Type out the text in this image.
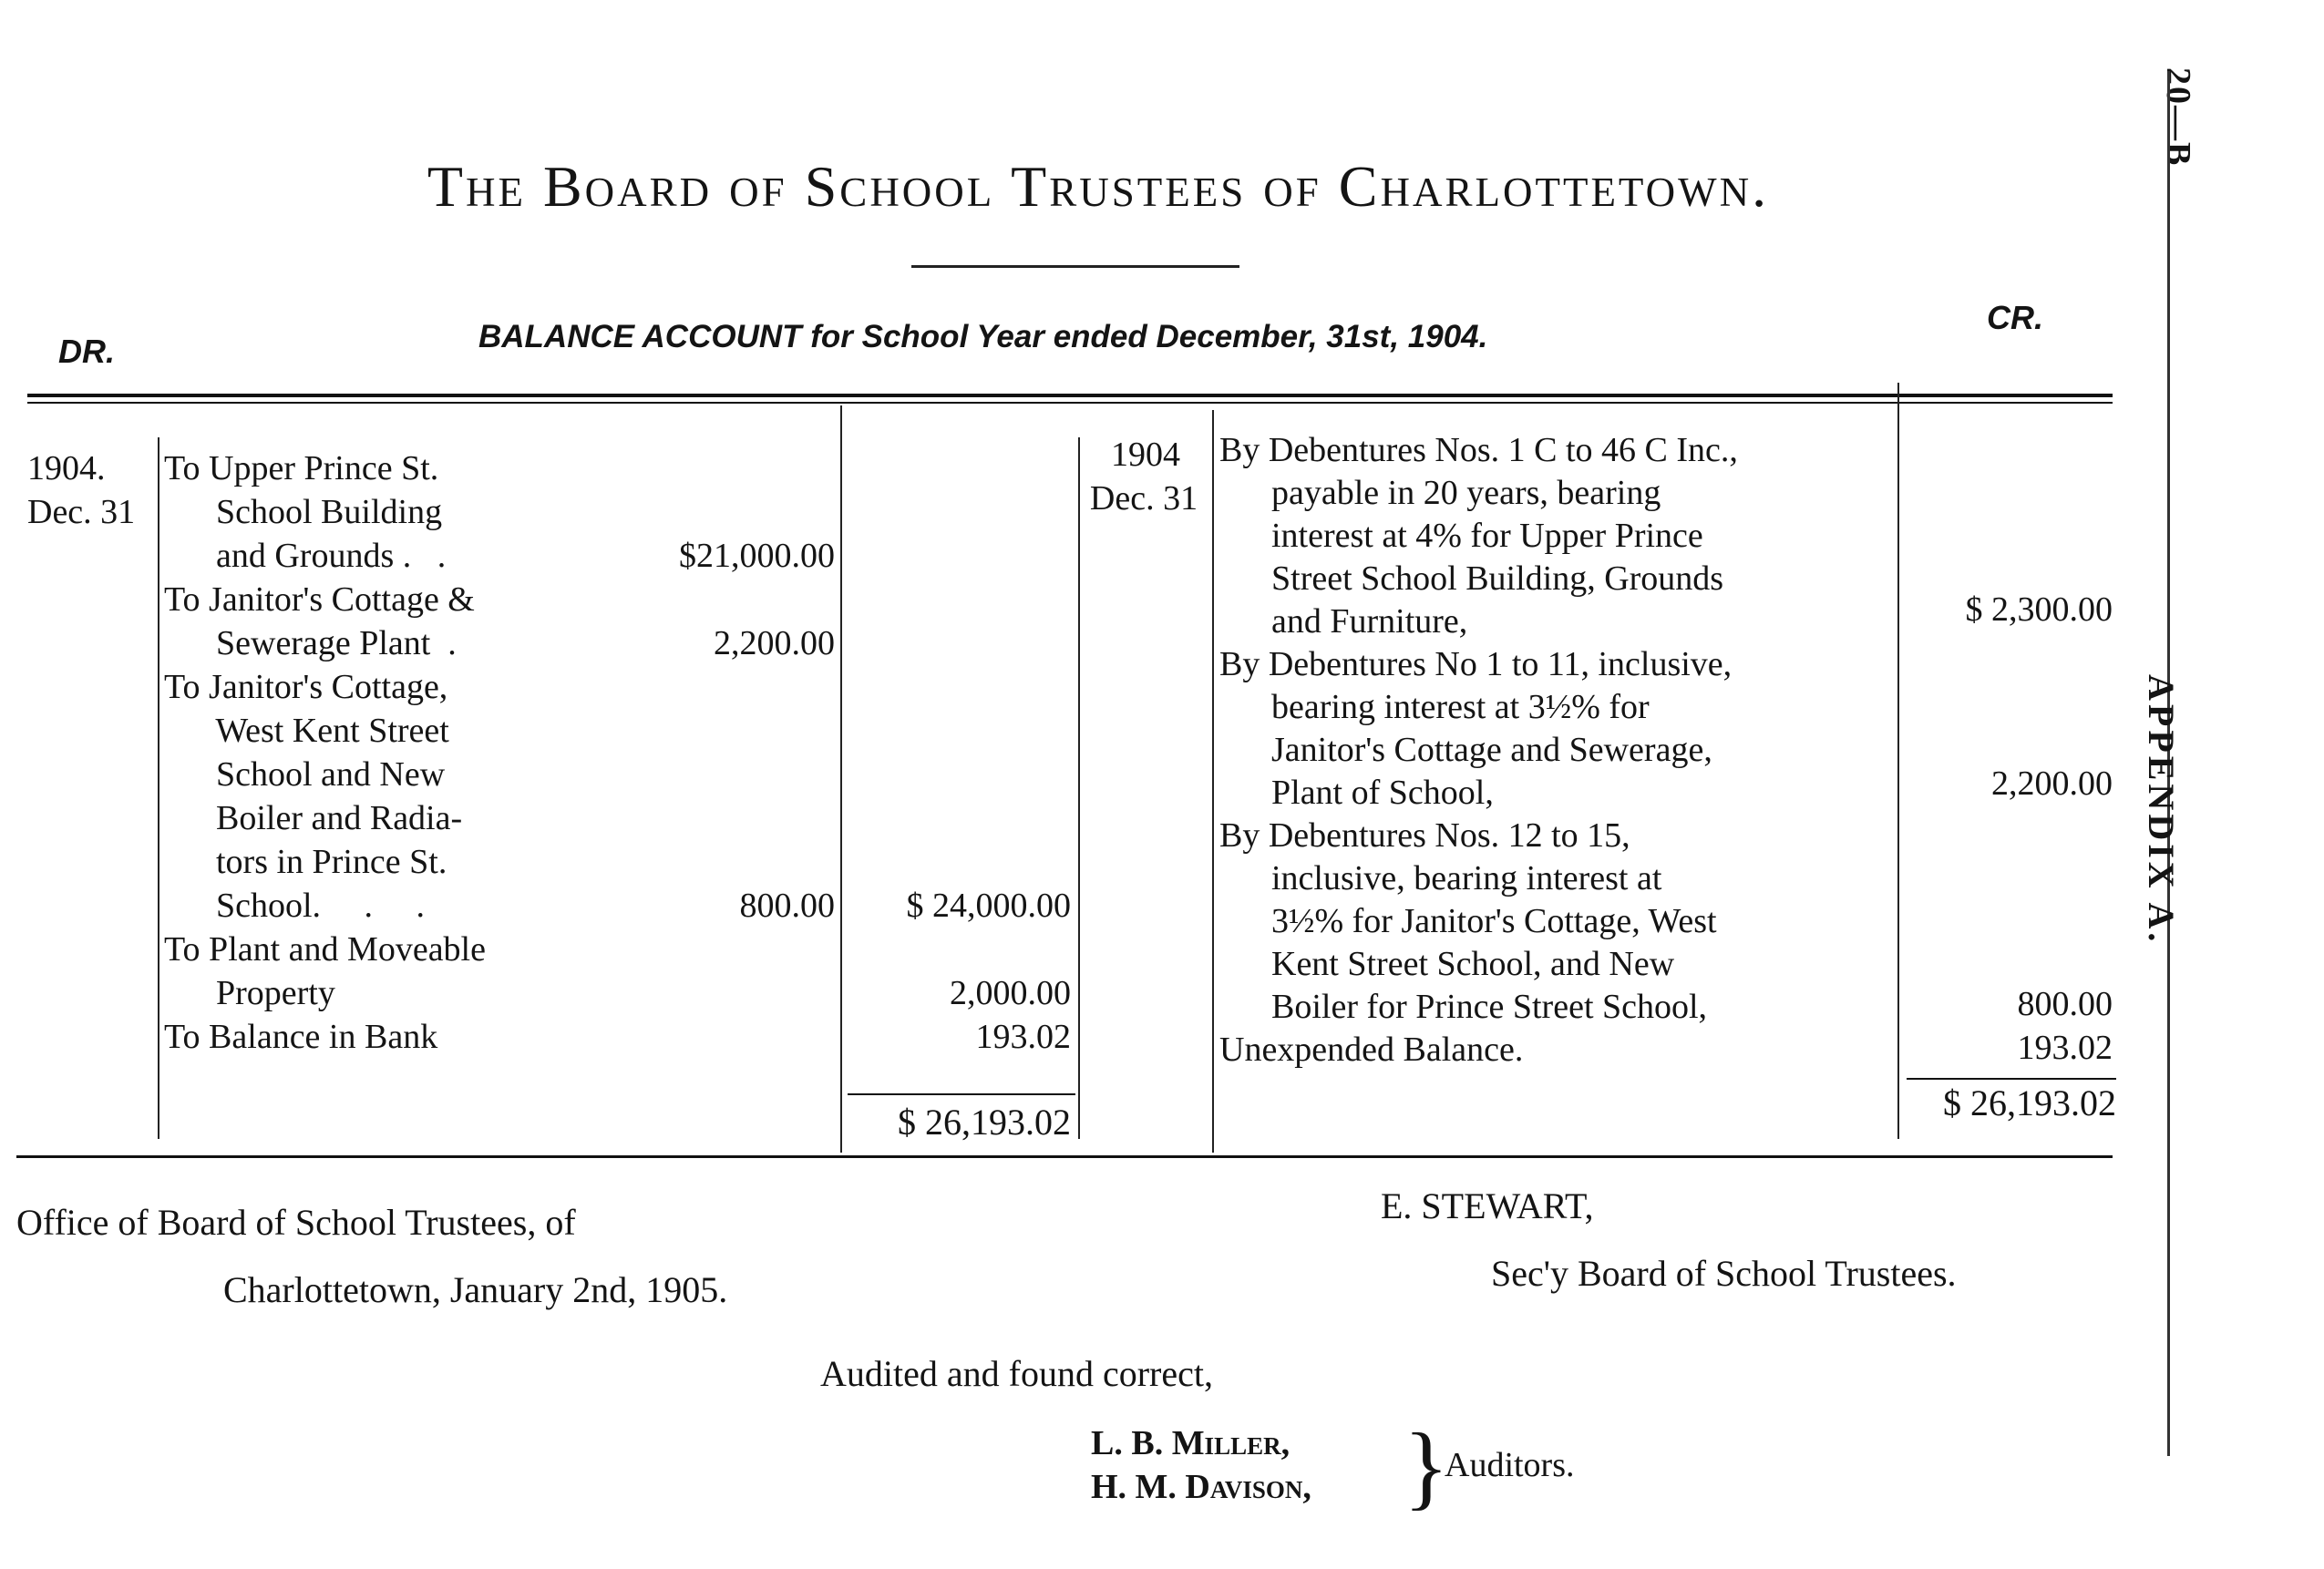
The Board of School Trustees of Charlottetown.
DR.
CR.
BALANCE ACCOUNT for School Year ended December, 31st, 1904.
20—B
APPENDIX A.
1904.
Dec. 31
To Upper Prince St.
School Building
and Grounds .   .
To Janitor's Cottage &
Sewerage Plant  .
To Janitor's Cottage,
West Kent Street
School and New
Boiler and Radia-
tors in Prince St.
School.     .     .
To Plant and Moveable
Property
To Balance in Bank
$21,000.00
2,200.00
800.00	$ 24,000.00
2,000.00
193.02
$ 26,193.02
1904
Dec. 31
By Debentures Nos. 1 C to 46 C Inc.,
payable in 20 years, bearing
interest at 4% for Upper Prince
Street School Building, Grounds
and Furniture,
By Debentures No 1 to 11, inclusive,
bearing interest at 3½% for
Janitor's Cottage and Sewerage,
Plant of School,
By Debentures Nos. 12 to 15,
inclusive, bearing interest at
3½% for Janitor's Cottage, West
Kent Street School, and New
Boiler for Prince Street School,
Unexpended Balance.
$ 2,300.00
2,200.00
800.00
193.02
$ 26,193.02
Office of Board of School Trustees, of
Charlottetown, January 2nd, 1905.
E. STEWART,
Sec'y Board of School Trustees.
Audited and found correct,
L. B. Miller,
H. M. Davison, }
Auditors.
